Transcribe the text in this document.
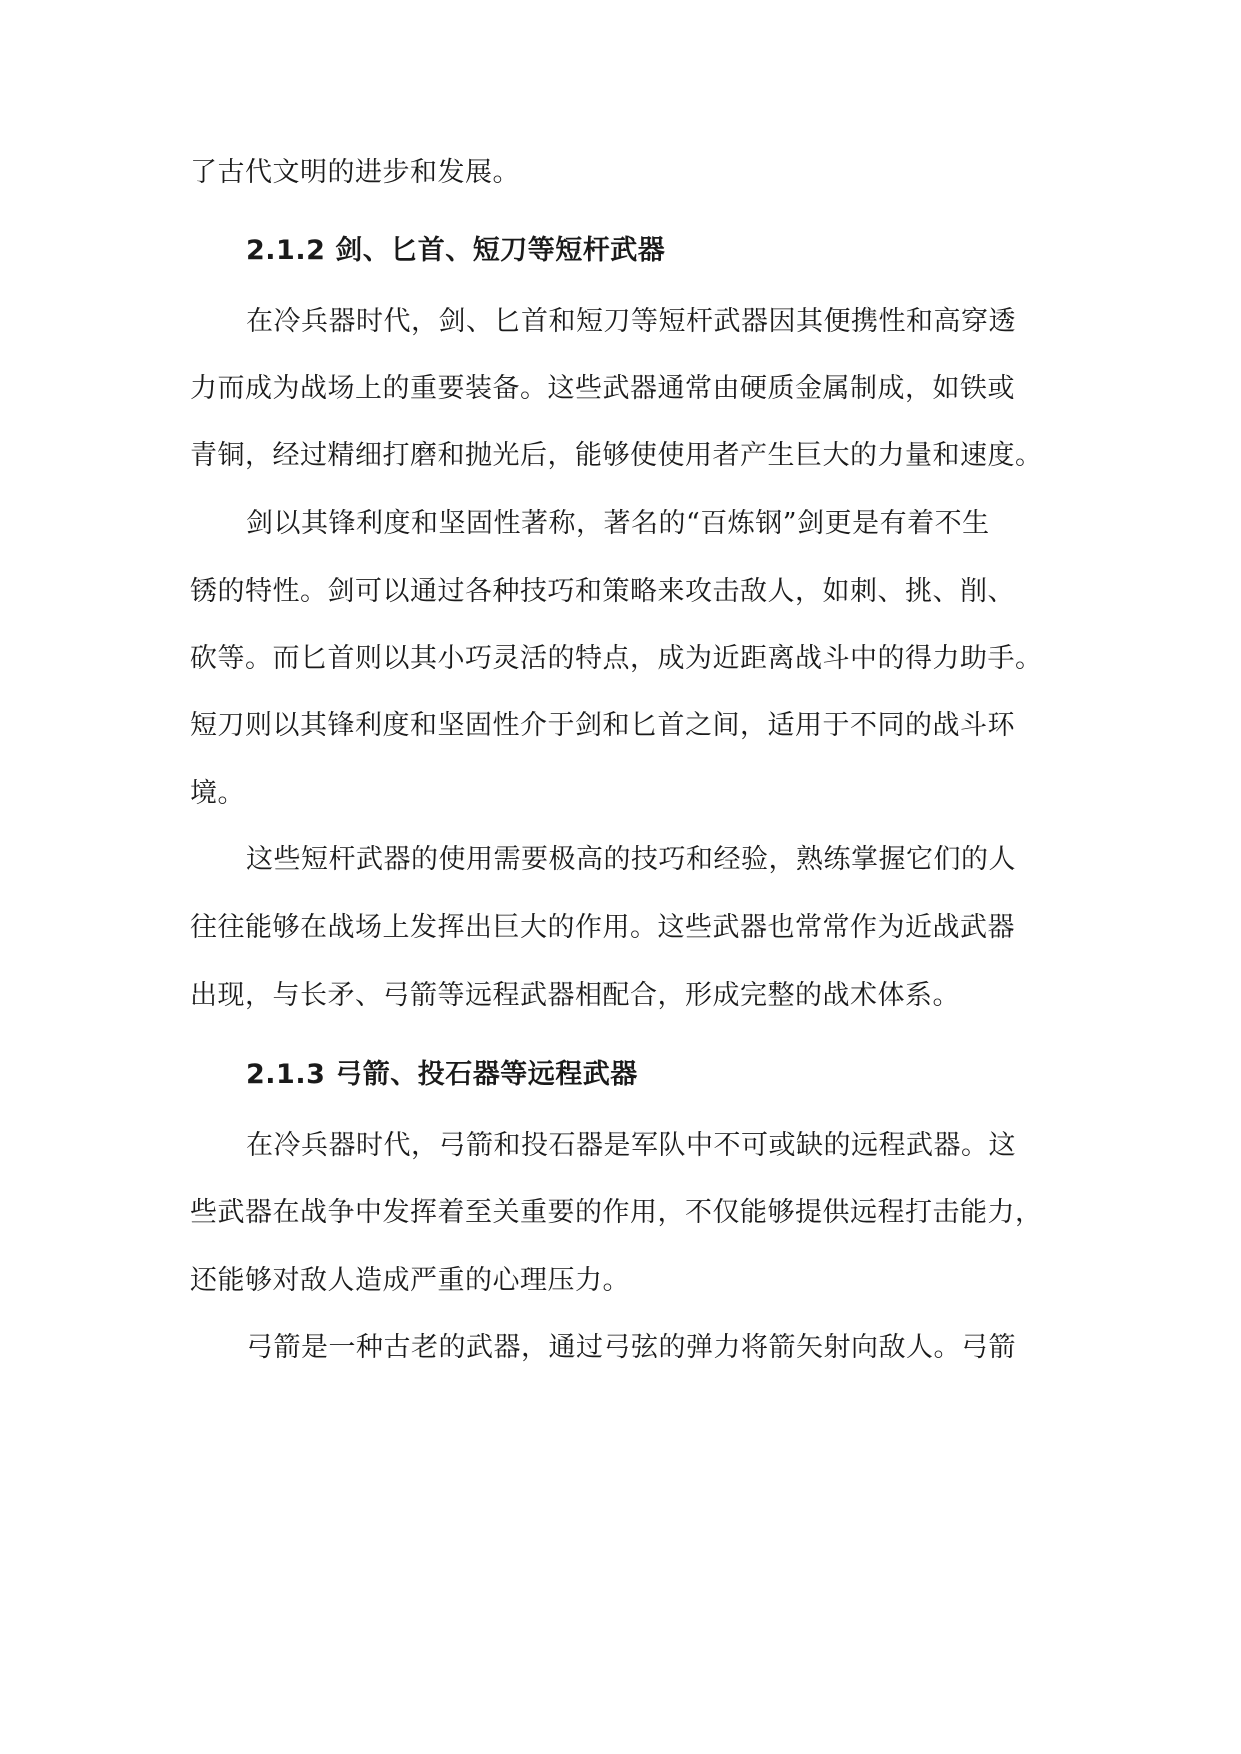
了古代文明的进步和发展。
2.1.2 剑、匕首、短刀等短杆武器
在冷兵器时代，剑、匕首和短刀等短杆武器因其便携性和高穿透
力而成为战场上的重要装备。这些武器通常由硬质金属制成，如铁或
青铜，经过精细打磨和抛光后，能够使使用者产生巨大的力量和速度。
剑以其锋利度和坚固性著称，著名的“百炼钢”剑更是有着不生
锈的特性。剑可以通过各种技巧和策略来攻击敌人，如刺、挑、削、
砍等。而匕首则以其小巧灵活的特点，成为近距离战斗中的得力助手。
短刀则以其锋利度和坚固性介于剑和匕首之间，适用于不同的战斗环
境。
这些短杆武器的使用需要极高的技巧和经验，熟练掌握它们的人
往往能够在战场上发挥出巨大的作用。这些武器也常常作为近战武器
出现，与长矛、弓箭等远程武器相配合，形成完整的战术体系。
2.1.3 弓箭、投石器等远程武器
在冷兵器时代，弓箭和投石器是军队中不可或缺的远程武器。这
些武器在战争中发挥着至关重要的作用，不仅能够提供远程打击能力，
还能够对敌人造成严重的心理压力。
弓箭是一种古老的武器，通过弓弦的弹力将箭矢射向敌人。弓箭
